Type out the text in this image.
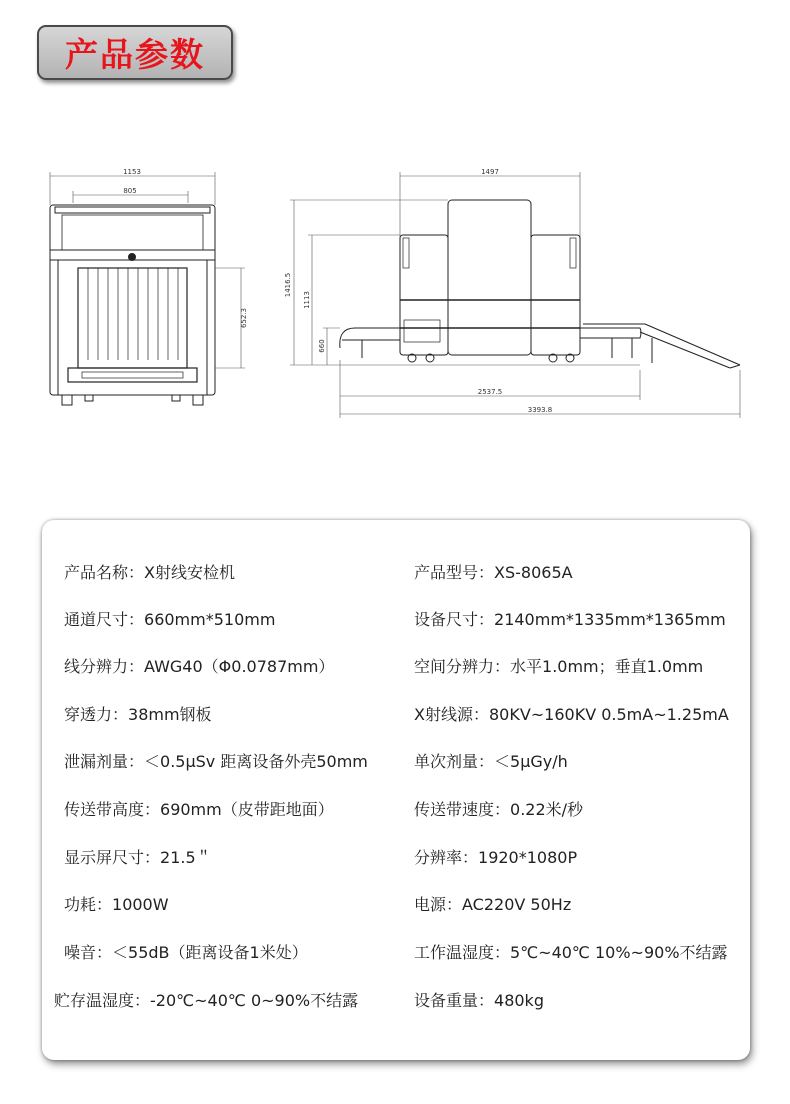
产品参数
1153
805
652.3
1497
1416.5
1113
660
2537.5
3393.8
产品名称：X射线安检机	产品型号：XS-8065A
通道尺寸：660mm*510mm	设备尺寸：2140mm*1335mm*1365mm
线分辨力：AWG40（Φ0.0787mm）	空间分辨力：水平1.0mm；垂直1.0mm
穿透力：38mm钢板	X射线源：80KV~160KV 0.5mA~1.25mA
泄漏剂量：＜0.5μSv 距离设备外壳50mm	单次剂量：＜5μGy/h
传送带高度：690mm（皮带距地面）	传送带速度：0.22米/秒
显示屏尺寸：21.5＂	分辨率：1920*1080P
功耗：1000W	电源：AC220V 50Hz
噪音：＜55dB（距离设备1米处）	工作温湿度：5℃~40℃ 10%~90%不结露
贮存温湿度：-20℃~40℃ 0~90%不结露	设备重量：480kg
